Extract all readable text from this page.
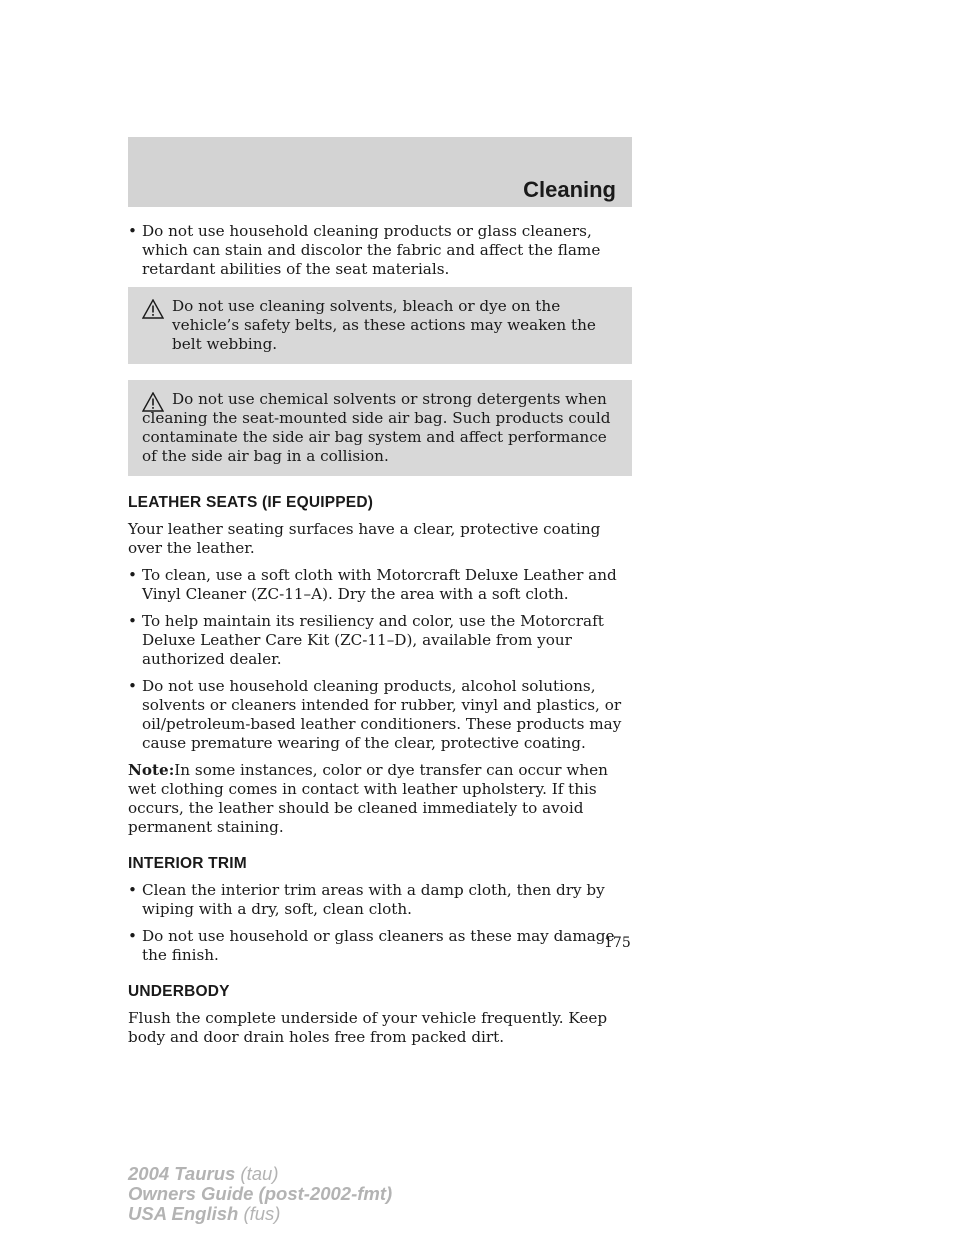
Cleaning
• Do not use household cleaning products or glass cleaners, which can stain and discolor the fabric and affect the flame retardant abilities of the seat materials.

Do not use cleaning solvents, bleach or dye on the vehicle’s safety belts, as these actions may weaken the belt webbing.

Do not use chemical solvents or strong detergents when cleaning the seat-mounted side air bag. Such products could contaminate the side air bag system and affect performance of the side air bag in a collision.

LEATHER SEATS (IF EQUIPPED)

Your leather seating surfaces have a clear, protective coating over the leather.

• To clean, use a soft cloth with Motorcraft Deluxe Leather and Vinyl Cleaner (ZC-11–A). Dry the area with a soft cloth.
• To help maintain its resiliency and color, use the Motorcraft Deluxe Leather Care Kit (ZC-11–D), available from your authorized dealer.
• Do not use household cleaning products, alcohol solutions, solvents or cleaners intended for rubber, vinyl and plastics, or oil/petroleum-based leather conditioners. These products may cause premature wearing of the clear, protective coating.

Note:In some instances, color or dye transfer can occur when wet clothing comes in contact with leather upholstery. If this occurs, the leather should be cleaned immediately to avoid permanent staining.

INTERIOR TRIM
• Clean the interior trim areas with a damp cloth, then dry by wiping with a dry, soft, clean cloth.
• Do not use household or glass cleaners as these may damage the finish.
UNDERBODY

Flush the complete underside of your vehicle frequently. Keep body and door drain holes free from packed dirt.

175
2004 Taurus (tau)
Owners Guide (post-2002-fmt)
USA English (fus)
